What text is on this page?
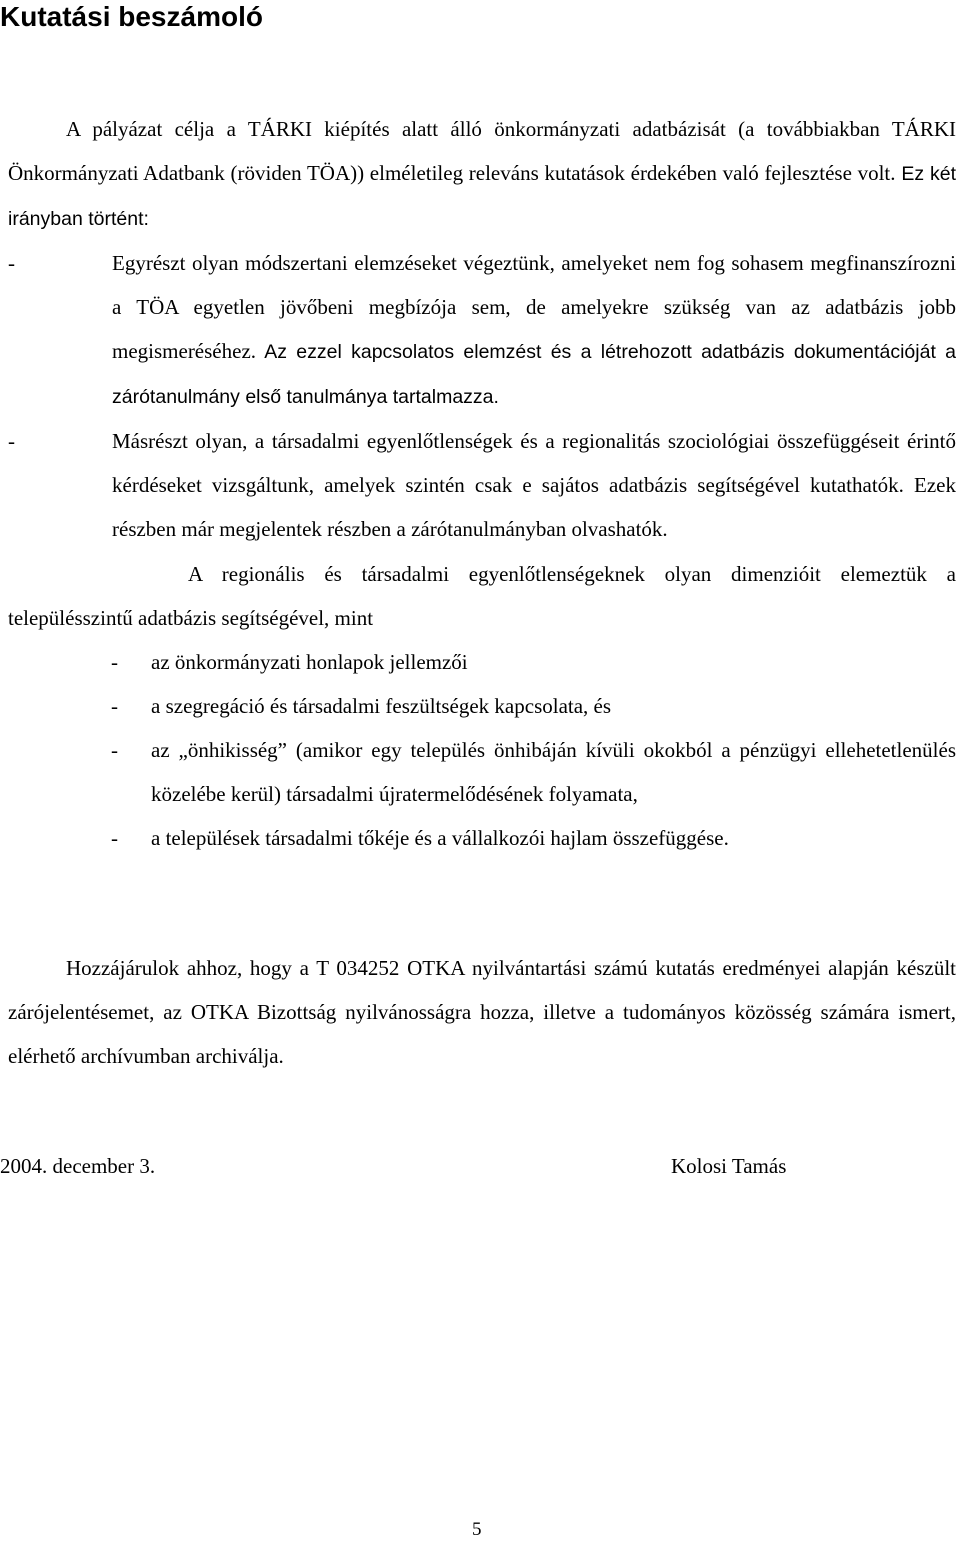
Kutatási beszámoló

A pályázat célja a TÁRKI kiépítés alatt álló önkormányzati adatbázisát (a továbbiakban TÁRKI Önkormányzati Adatbank (röviden TÖA)) elméletileg releváns kutatások érdekében való fejlesztése volt. Ez két irányban történt:

- Egyrészt olyan módszertani elemzéseket végeztünk, amelyeket nem fog sohasem megfinanszírozni a TÖA egyetlen jövőbeni megbízója sem, de amelyekre szükség van az adatbázis jobb megismeréséhez. Az ezzel kapcsolatos elemzést és a létrehozott adatbázis dokumentációját a zárótanulmány első tanulmánya tartalmazza.
- Másrészt olyan, a társadalmi egyenlőtlenségek és a regionalitás szociológiai összefüggéseit érintő kérdéseket vizsgáltunk, amelyek szintén csak e sajátos adatbázis segítségével kutathatók. Ezek részben már megjelentek részben a zárótanulmányban olvashatók.

A regionális és társadalmi egyenlőtlenségeknek olyan dimenzióit elemeztük a településszintű adatbázis segítségével, mint

- az önkormányzati honlapok jellemzői
- a szegregáció és társadalmi feszültségek kapcsolata, és
- az „önhikisség” (amikor egy település önhibáján kívüli okokból a pénzügyi ellehetetlenülés közelébe kerül) társadalmi újratermelődésének folyamata,
- a települések társadalmi tőkéje és a vállalkozói hajlam összefüggése.

Hozzájárulok ahhoz, hogy a T 034252 OTKA nyilvántartási számú kutatás eredményei alapján készült zárójelentésemet, az OTKA Bizottság nyilvánosságra hozza, illetve a tudományos közösség számára ismert, elérhető archívumban archiválja.

2004. december 3.	Kolosi Tamás
5
